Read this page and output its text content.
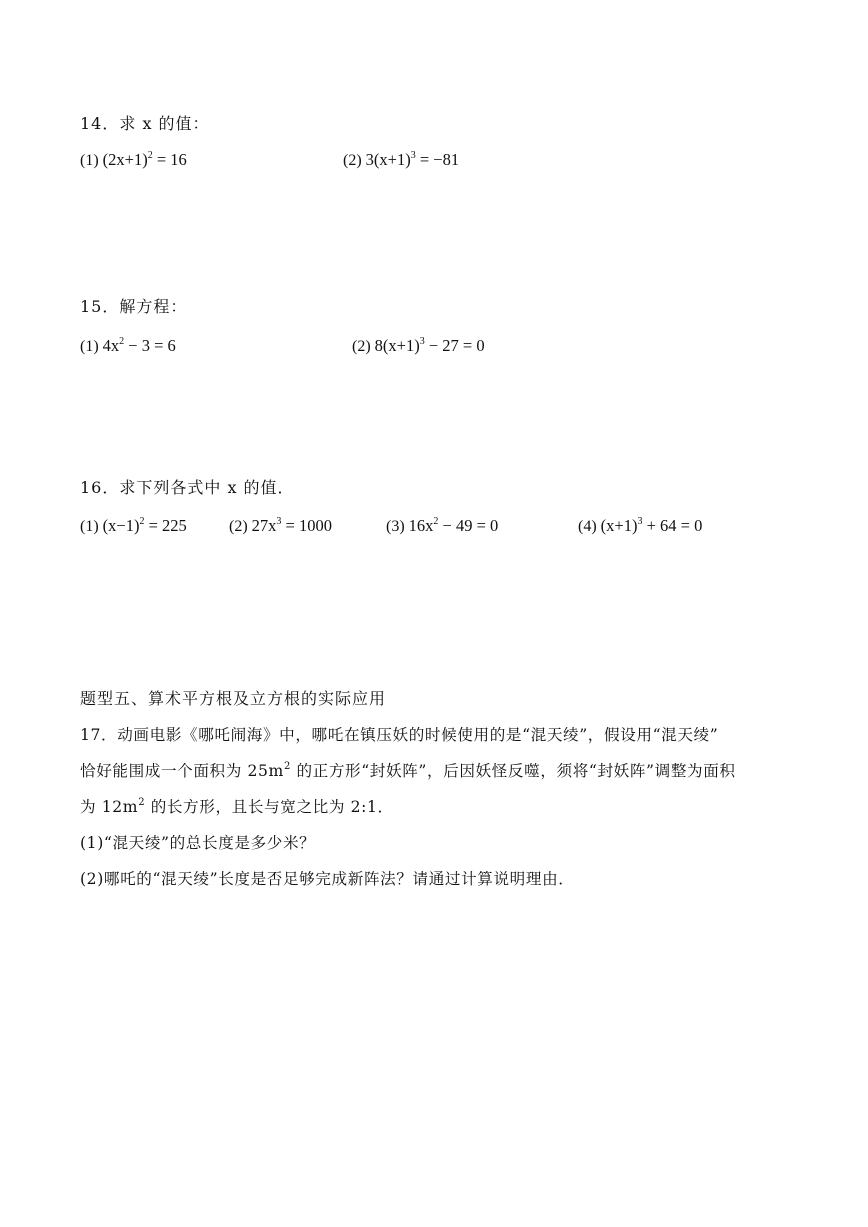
14．求 x 的值：
(1) $(2x+1)^2 = 16$	(2) $3(x+1)^3 = -81$
15．解方程：
(1) $4x^2 - 3 = 6$	(2) $8(x+1)^3 - 27 = 0$
16．求下列各式中 x 的值．
(1) $(x-1)^2 = 225$	(2) $27x^3 = 1000$	(3) $16x^2 - 49 = 0$	(4) $(x+1)^3 + 64 = 0$
题型五、算术平方根及立方根的实际应用
17．动画电影《哪吒闹海》中，哪吒在镇压妖的时候使用的是“混天绫”，假设用“混天绫”
恰好能围成一个面积为 $25m^2$ 的正方形“封妖阵”，后因妖怪反噬，须将“封妖阵”调整为面积
为 $12m^2$ 的长方形，且长与宽之比为 2:1．
(1)“混天绫”的总长度是多少米？
(2)哪吒的“混天绫”长度是否足够完成新阵法？请通过计算说明理由．
